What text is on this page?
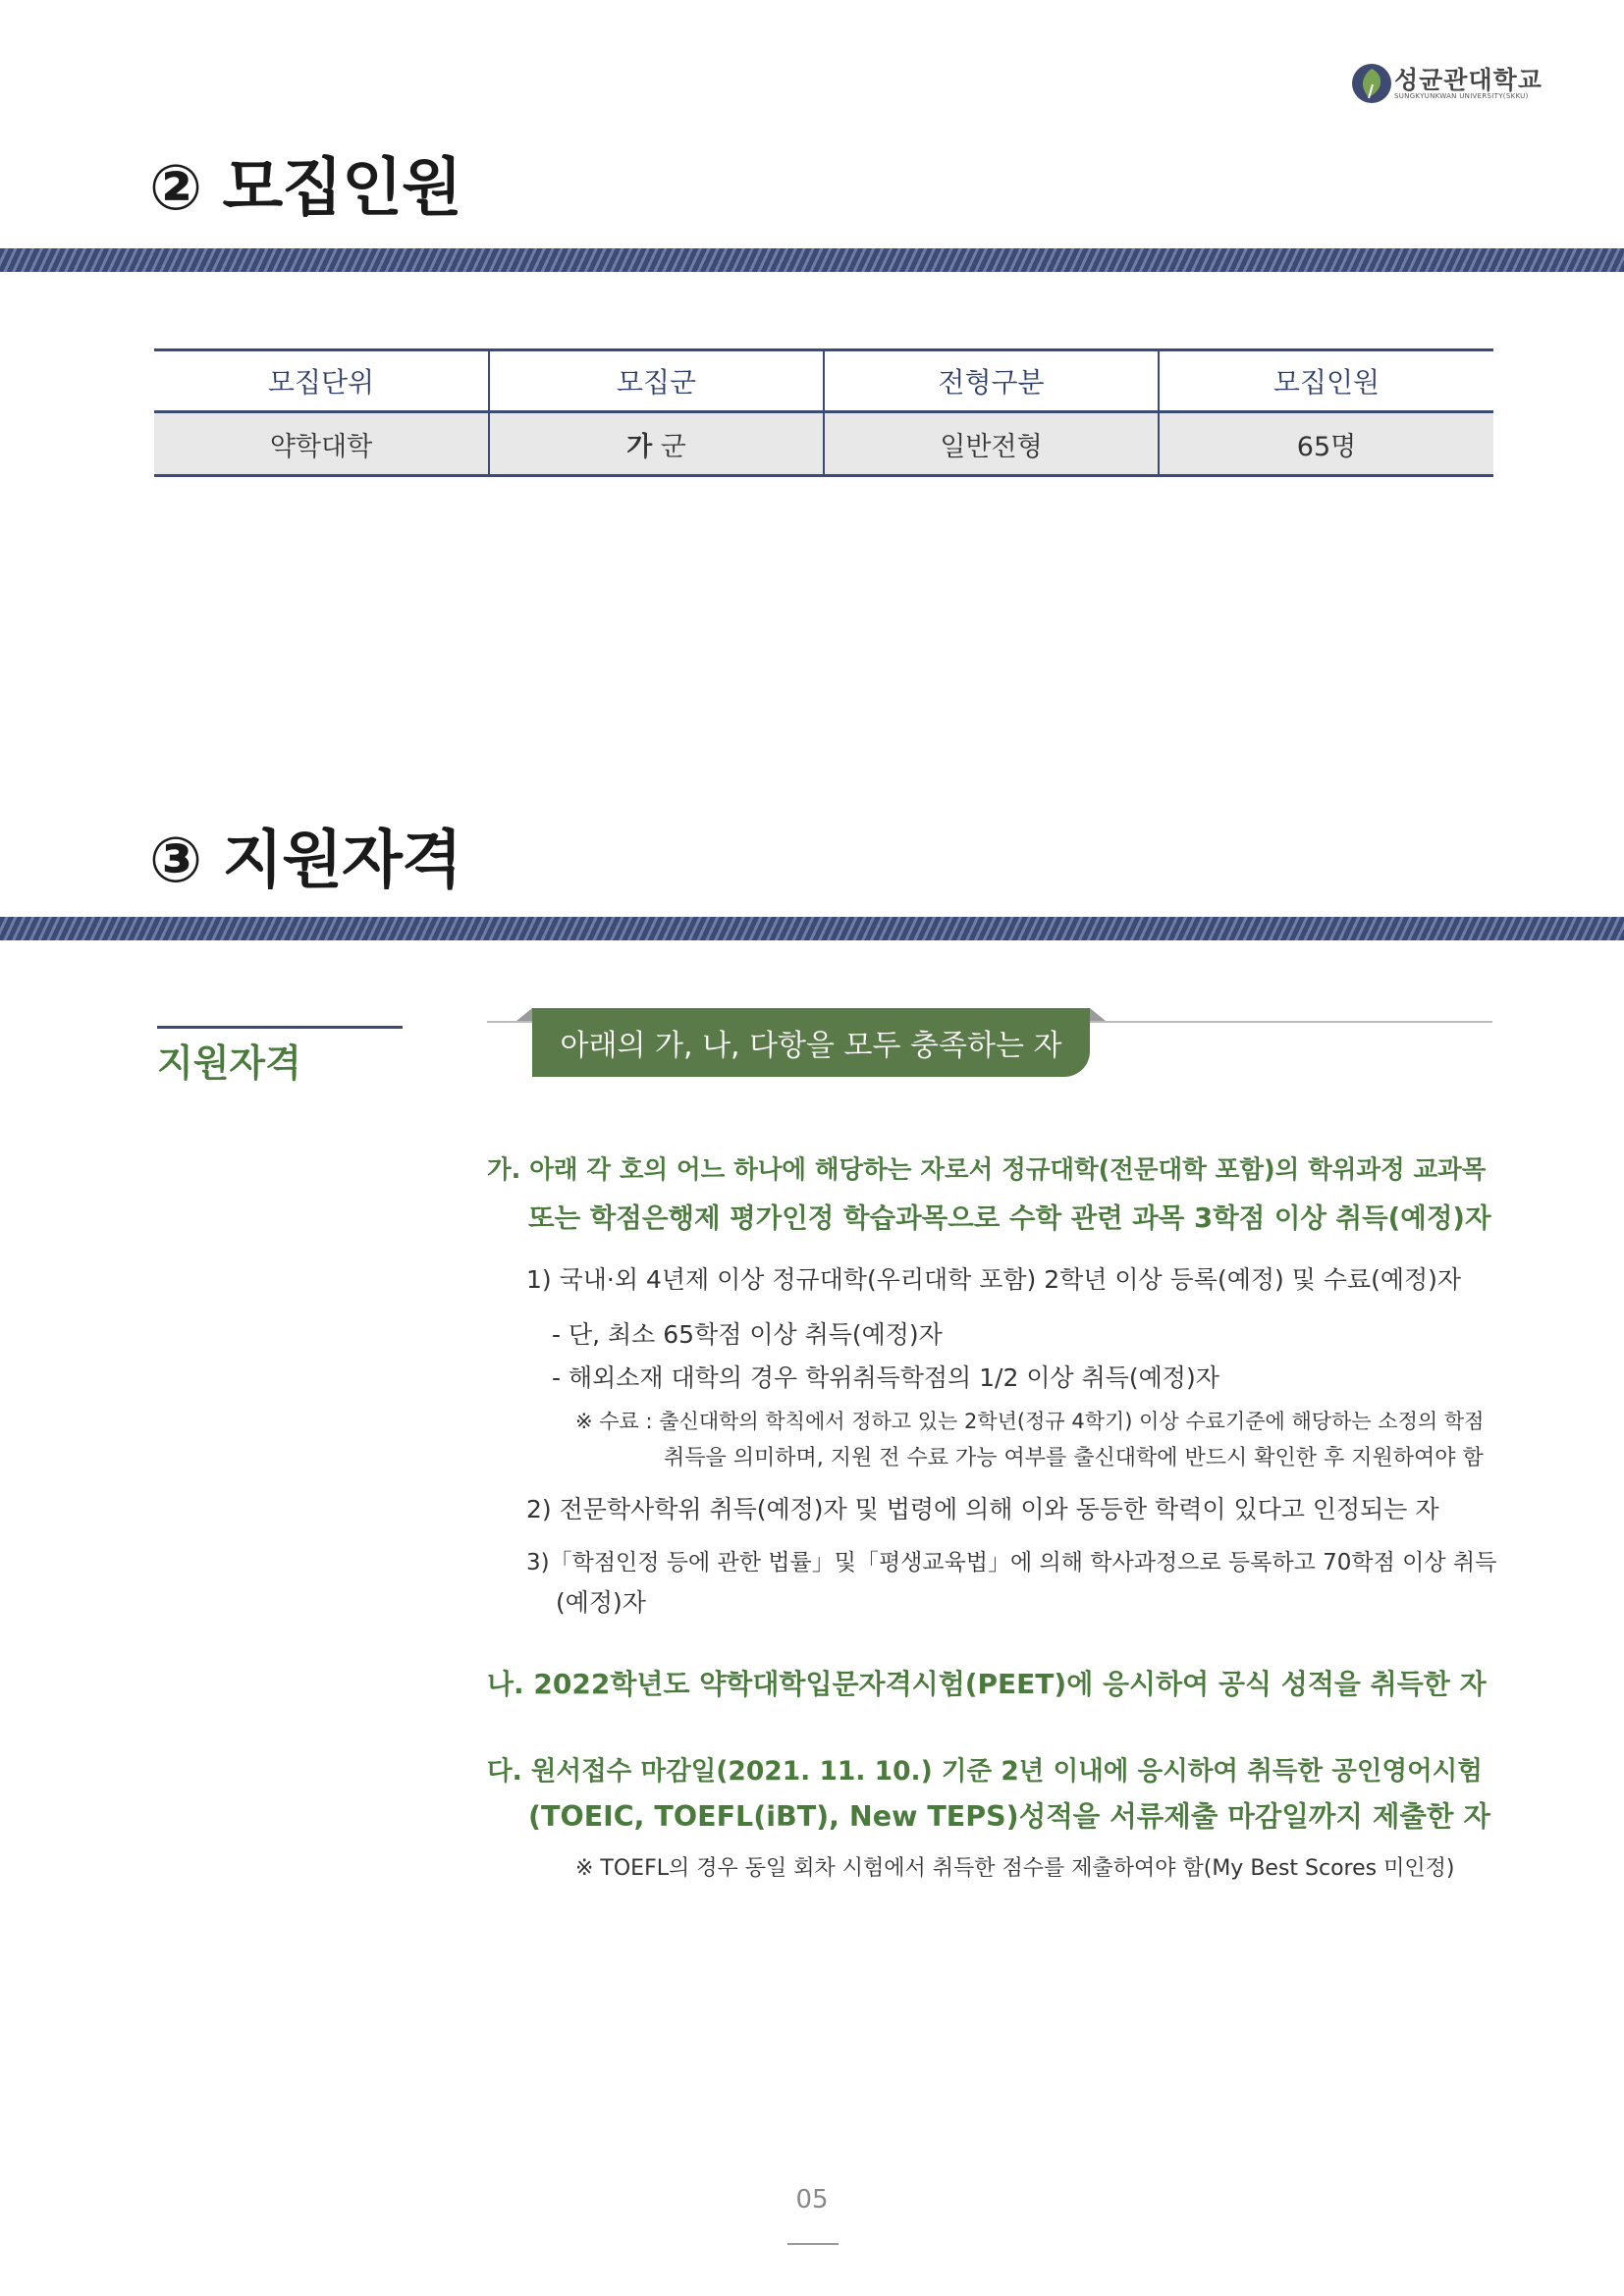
성균관대학교
SUNGKYUNKWAN UNIVERSITY(SKKU)
② 모집인원
모집단위	모집군	전형구분	모집인원
약학대학	가 군	일반전형	65명
③ 지원자격
지원자격	아래의 가, 나, 다항을 모두 충족하는 자
가. 아래 각 호의 어느 하나에 해당하는 자로서 정규대학(전문대학 포함)의 학위과정 교과목
또는 학점은행제 평가인정 학습과목으로 수학 관련 과목 3학점 이상 취득(예정)자
1) 국내·외 4년제 이상 정규대학(우리대학 포함) 2학년 이상 등록(예정) 및 수료(예정)자
- 단, 최소 65학점 이상 취득(예정)자
- 해외소재 대학의 경우 학위취득학점의 1/2 이상 취득(예정)자
※ 수료 : 출신대학의 학칙에서 정하고 있는 2학년(정규 4학기) 이상 수료기준에 해당하는 소정의 학점
취득을 의미하며, 지원 전 수료 가능 여부를 출신대학에 반드시 확인한 후 지원하여야 함
2) 전문학사학위 취득(예정)자 및 법령에 의해 이와 동등한 학력이 있다고 인정되는 자
3)「학점인정 등에 관한 법률」및「평생교육법」에 의해 학사과정으로 등록하고 70학점 이상 취득
(예정)자
나. 2022학년도 약학대학입문자격시험(PEET)에 응시하여 공식 성적을 취득한 자
다. 원서접수 마감일(2021. 11. 10.) 기준 2년 이내에 응시하여 취득한 공인영어시험
(TOEIC, TOEFL(iBT), New TEPS)성적을 서류제출 마감일까지 제출한 자
※ TOEFL의 경우 동일 회차 시험에서 취득한 점수를 제출하여야 함(My Best Scores 미인정)
05
